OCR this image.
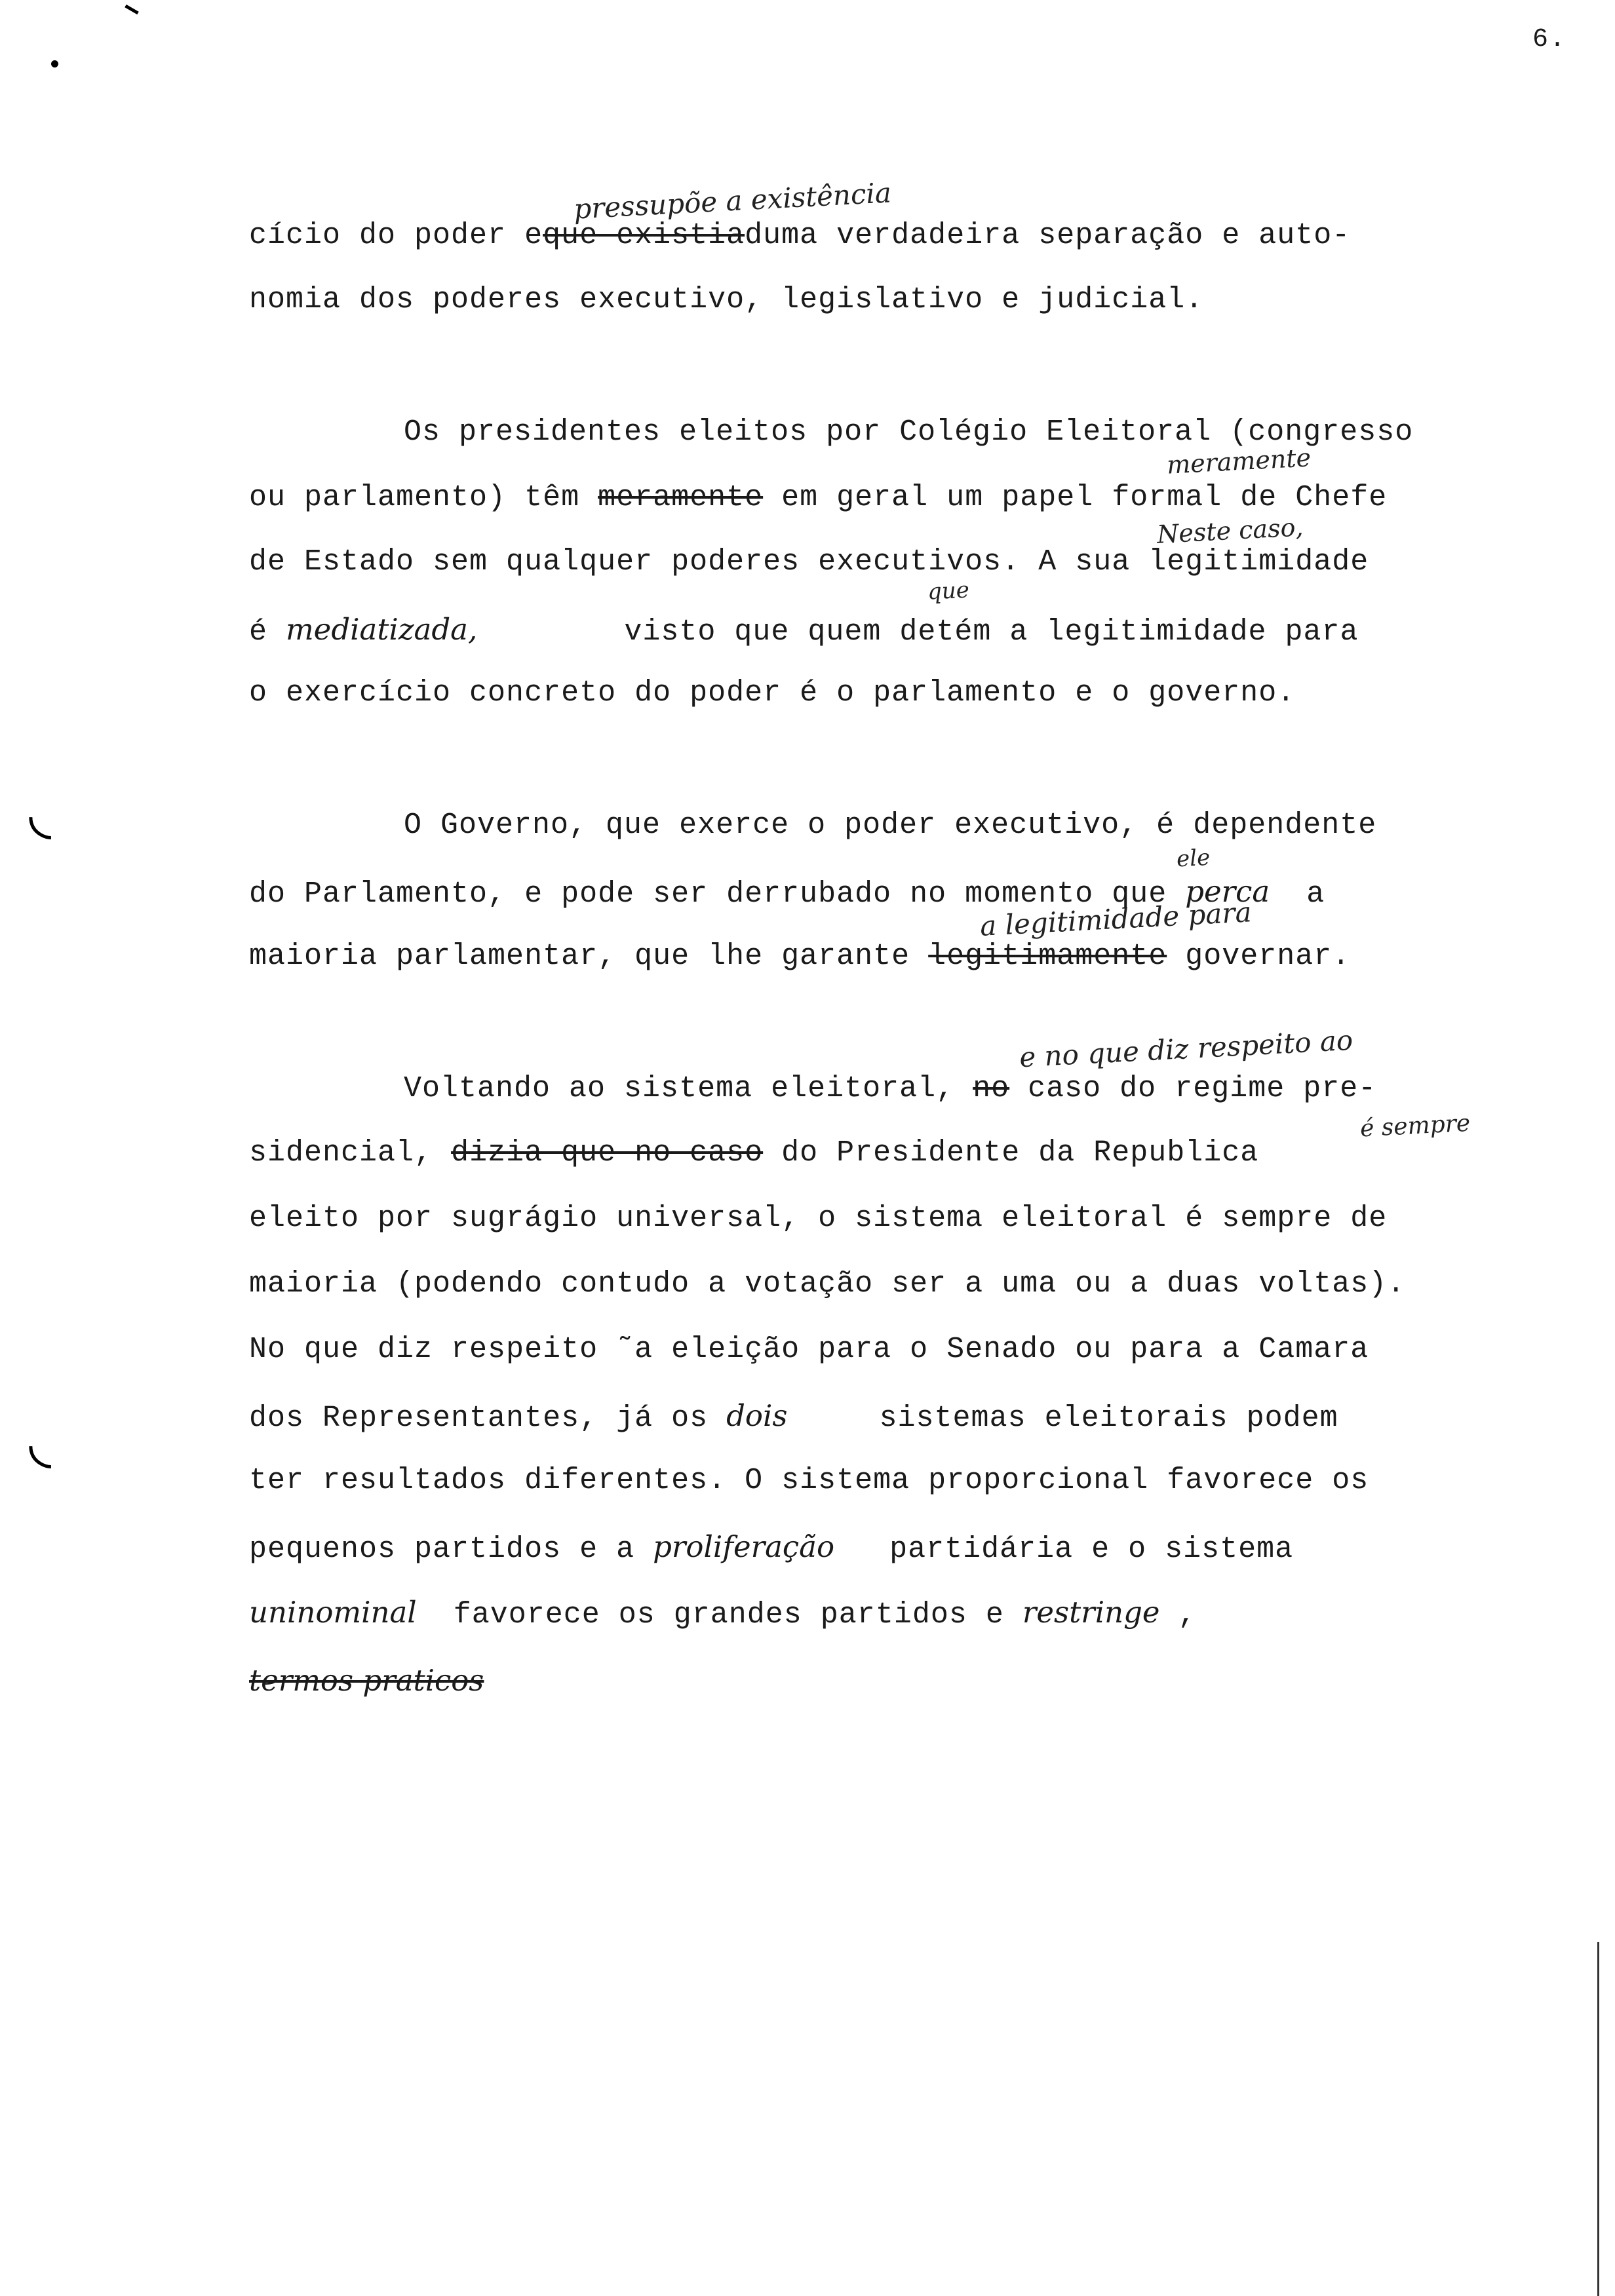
6.
◟
◟
pressupõe a existência
meramente
Neste caso,
que
ele
a legitimidade para
e no que diz respeito ao
é sempre
cício do poder eque existiaduma verdadeira separação e auto-
nomia dos poderes executivo, legislativo e judicial.
Os presidentes eleitos por Colégio Eleitoral (congresso
ou parlamento) têm meramente em geral um papel formal de Chefe
de Estado sem qualquer poderes executivos. A sua legitimidade
é mediatizada,        visto que quem detém a legitimidade para
o exercício concreto do poder é o parlamento e o governo.
O Governo, que exerce o poder executivo, é dependente
do Parlamento, e pode ser derrubado no momento que perca  a
maioria parlamentar, que lhe garante legitimamente governar.
Voltando ao sistema eleitoral, no caso do regime pre-
sidencial, dizia que no caso do Presidente da Republica
eleito por sugrágio universal, o sistema eleitoral é sempre de
maioria (podendo contudo a votação ser a uma ou a duas voltas).
No que diz respeito ˜a eleição para o Senado ou para a Camara
dos Representantes, já os dois     sistemas eleitorais podem
ter resultados diferentes. O sistema proporcional favorece os
pequenos partidos e a proliferação   partidária e o sistema
uninominal  favorece os grandes partidos e restringe ,
termos praticos
